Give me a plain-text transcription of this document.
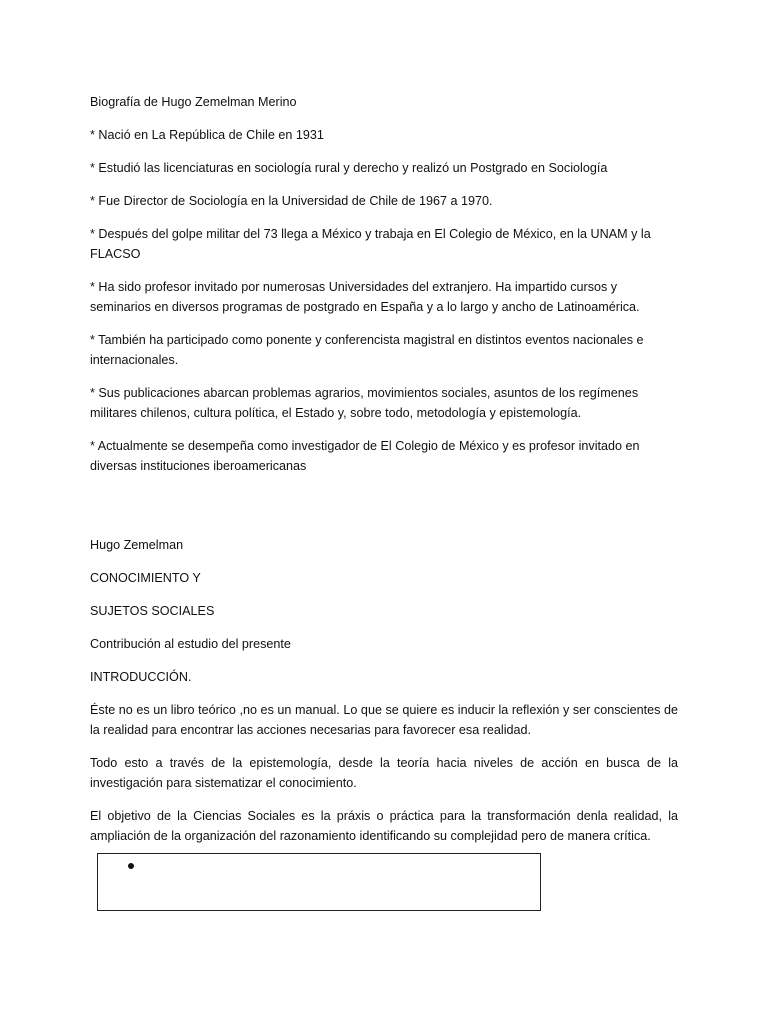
Biografía de Hugo Zemelman Merino

* Nació en La República de Chile en 1931

* Estudió las licenciaturas en sociología rural y derecho y realizó un Postgrado en Sociología

* Fue Director de Sociología en la Universidad de Chile de 1967 a 1970.

* Después del golpe militar del 73 llega a México y trabaja en El Colegio de México, en la UNAM y la FLACSO

* Ha sido profesor invitado por numerosas Universidades del extranjero. Ha impartido cursos y seminarios en diversos programas de postgrado en España y a lo largo y ancho de Latinoamérica.

* También ha participado como ponente y conferencista magistral en distintos eventos nacionales e internacionales.

* Sus publicaciones abarcan problemas agrarios, movimientos sociales, asuntos de los regímenes militares chilenos, cultura política, el Estado y, sobre todo, metodología y epistemología.

* Actualmente se desempeña como investigador de El Colegio de México y es profesor invitado en diversas instituciones iberoamericanas

Hugo Zemelman

CONOCIMIENTO Y

SUJETOS SOCIALES

Contribución al estudio del presente

INTRODUCCIÓN.

Éste no es un libro teórico ,no es un manual. Lo que se quiere es inducir la reflexión y ser conscientes de la realidad para encontrar las acciones necesarias para favorecer esa realidad.

Todo esto a través de la epistemología, desde la teoría hacia niveles de acción en busca de la investigación para sistematizar el conocimiento.

El objetivo de la Ciencias Sociales es la práxis o práctica para la transformación denla realidad, la ampliación de la organización del razonamiento identificando su complejidad pero de manera crítica.
